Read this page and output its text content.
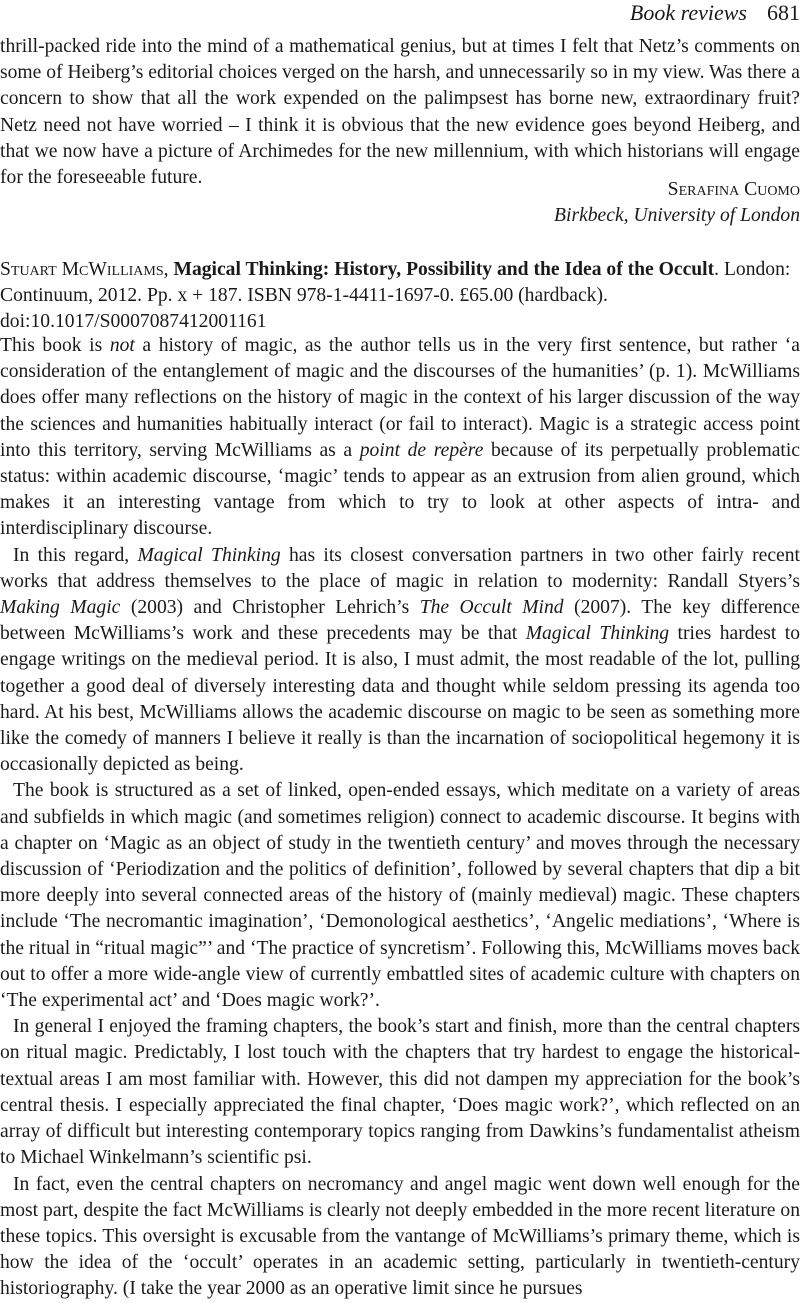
Book reviews 681

thrill-packed ride into the mind of a mathematical genius, but at times I felt that Netz’s comments on some of Heiberg’s editorial choices verged on the harsh, and unnecessarily so in my view. Was there a concern to show that all the work expended on the palimpsest has borne new, extraordinary fruit? Netz need not have worried – I think it is obvious that the new evidence goes beyond Heiberg, and that we now have a picture of Archimedes for the new millennium, with which historians will engage for the foreseeable future.

Serafina Cuomo
Birkbeck, University of London
Stuart McWilliams, Magical Thinking: History, Possibility and the Idea of the Occult. London: Continuum, 2012. Pp. x + 187. ISBN 978-1-4411-1697-0. £65.00 (hardback).
doi:10.1017/S0007087412001161

This book is not a history of magic, as the author tells us in the very first sentence, but rather ‘a consideration of the entanglement of magic and the discourses of the humanities’ (p. 1). McWilliams does offer many reflections on the history of magic in the context of his larger discussion of the way the sciences and humanities habitually interact (or fail to interact). Magic is a strategic access point into this territory, serving McWilliams as a point de repère because of its perpetually problematic status: within academic discourse, ‘magic’ tends to appear as an extrusion from alien ground, which makes it an interesting vantage from which to try to look at other aspects of intra- and interdisciplinary discourse.

In this regard, Magical Thinking has its closest conversation partners in two other fairly recent works that address themselves to the place of magic in relation to modernity: Randall Styers’s Making Magic (2003) and Christopher Lehrich’s The Occult Mind (2007). The key difference between McWilliams’s work and these precedents may be that Magical Thinking tries hardest to engage writings on the medieval period. It is also, I must admit, the most readable of the lot, pulling together a good deal of diversely interesting data and thought while seldom pressing its agenda too hard. At his best, McWilliams allows the academic discourse on magic to be seen as something more like the comedy of manners I believe it really is than the incarnation of sociopolitical hegemony it is occasionally depicted as being.

The book is structured as a set of linked, open-ended essays, which meditate on a variety of areas and subfields in which magic (and sometimes religion) connect to academic discourse. It begins with a chapter on ‘Magic as an object of study in the twentieth century’ and moves through the necessary discussion of ‘Periodization and the politics of definition’, followed by several chapters that dip a bit more deeply into several connected areas of the history of (mainly medieval) magic. These chapters include ‘The necromantic imagination’, ‘Demonological aesthetics’, ‘Angelic mediations’, ‘Where is the ritual in “ritual magic”’ and ‘The practice of syncretism’. Following this, McWilliams moves back out to offer a more wide-angle view of currently embattled sites of academic culture with chapters on ‘The experimental act’ and ‘Does magic work?’.

In general I enjoyed the framing chapters, the book’s start and finish, more than the central chapters on ritual magic. Predictably, I lost touch with the chapters that try hardest to engage the historical-textual areas I am most familiar with. However, this did not dampen my appreciation for the book’s central thesis. I especially appreciated the final chapter, ‘Does magic work?’, which reflected on an array of difficult but interesting contemporary topics ranging from Dawkins’s fundamentalist atheism to Michael Winkelmann’s scientific psi.

In fact, even the central chapters on necromancy and angel magic went down well enough for the most part, despite the fact McWilliams is clearly not deeply embedded in the more recent literature on these topics. This oversight is excusable from the vantange of McWilliams’s primary theme, which is how the idea of the ‘occult’ operates in an academic setting, particularly in twentieth-century historiography. (I take the year 2000 as an operative limit since he pursues
